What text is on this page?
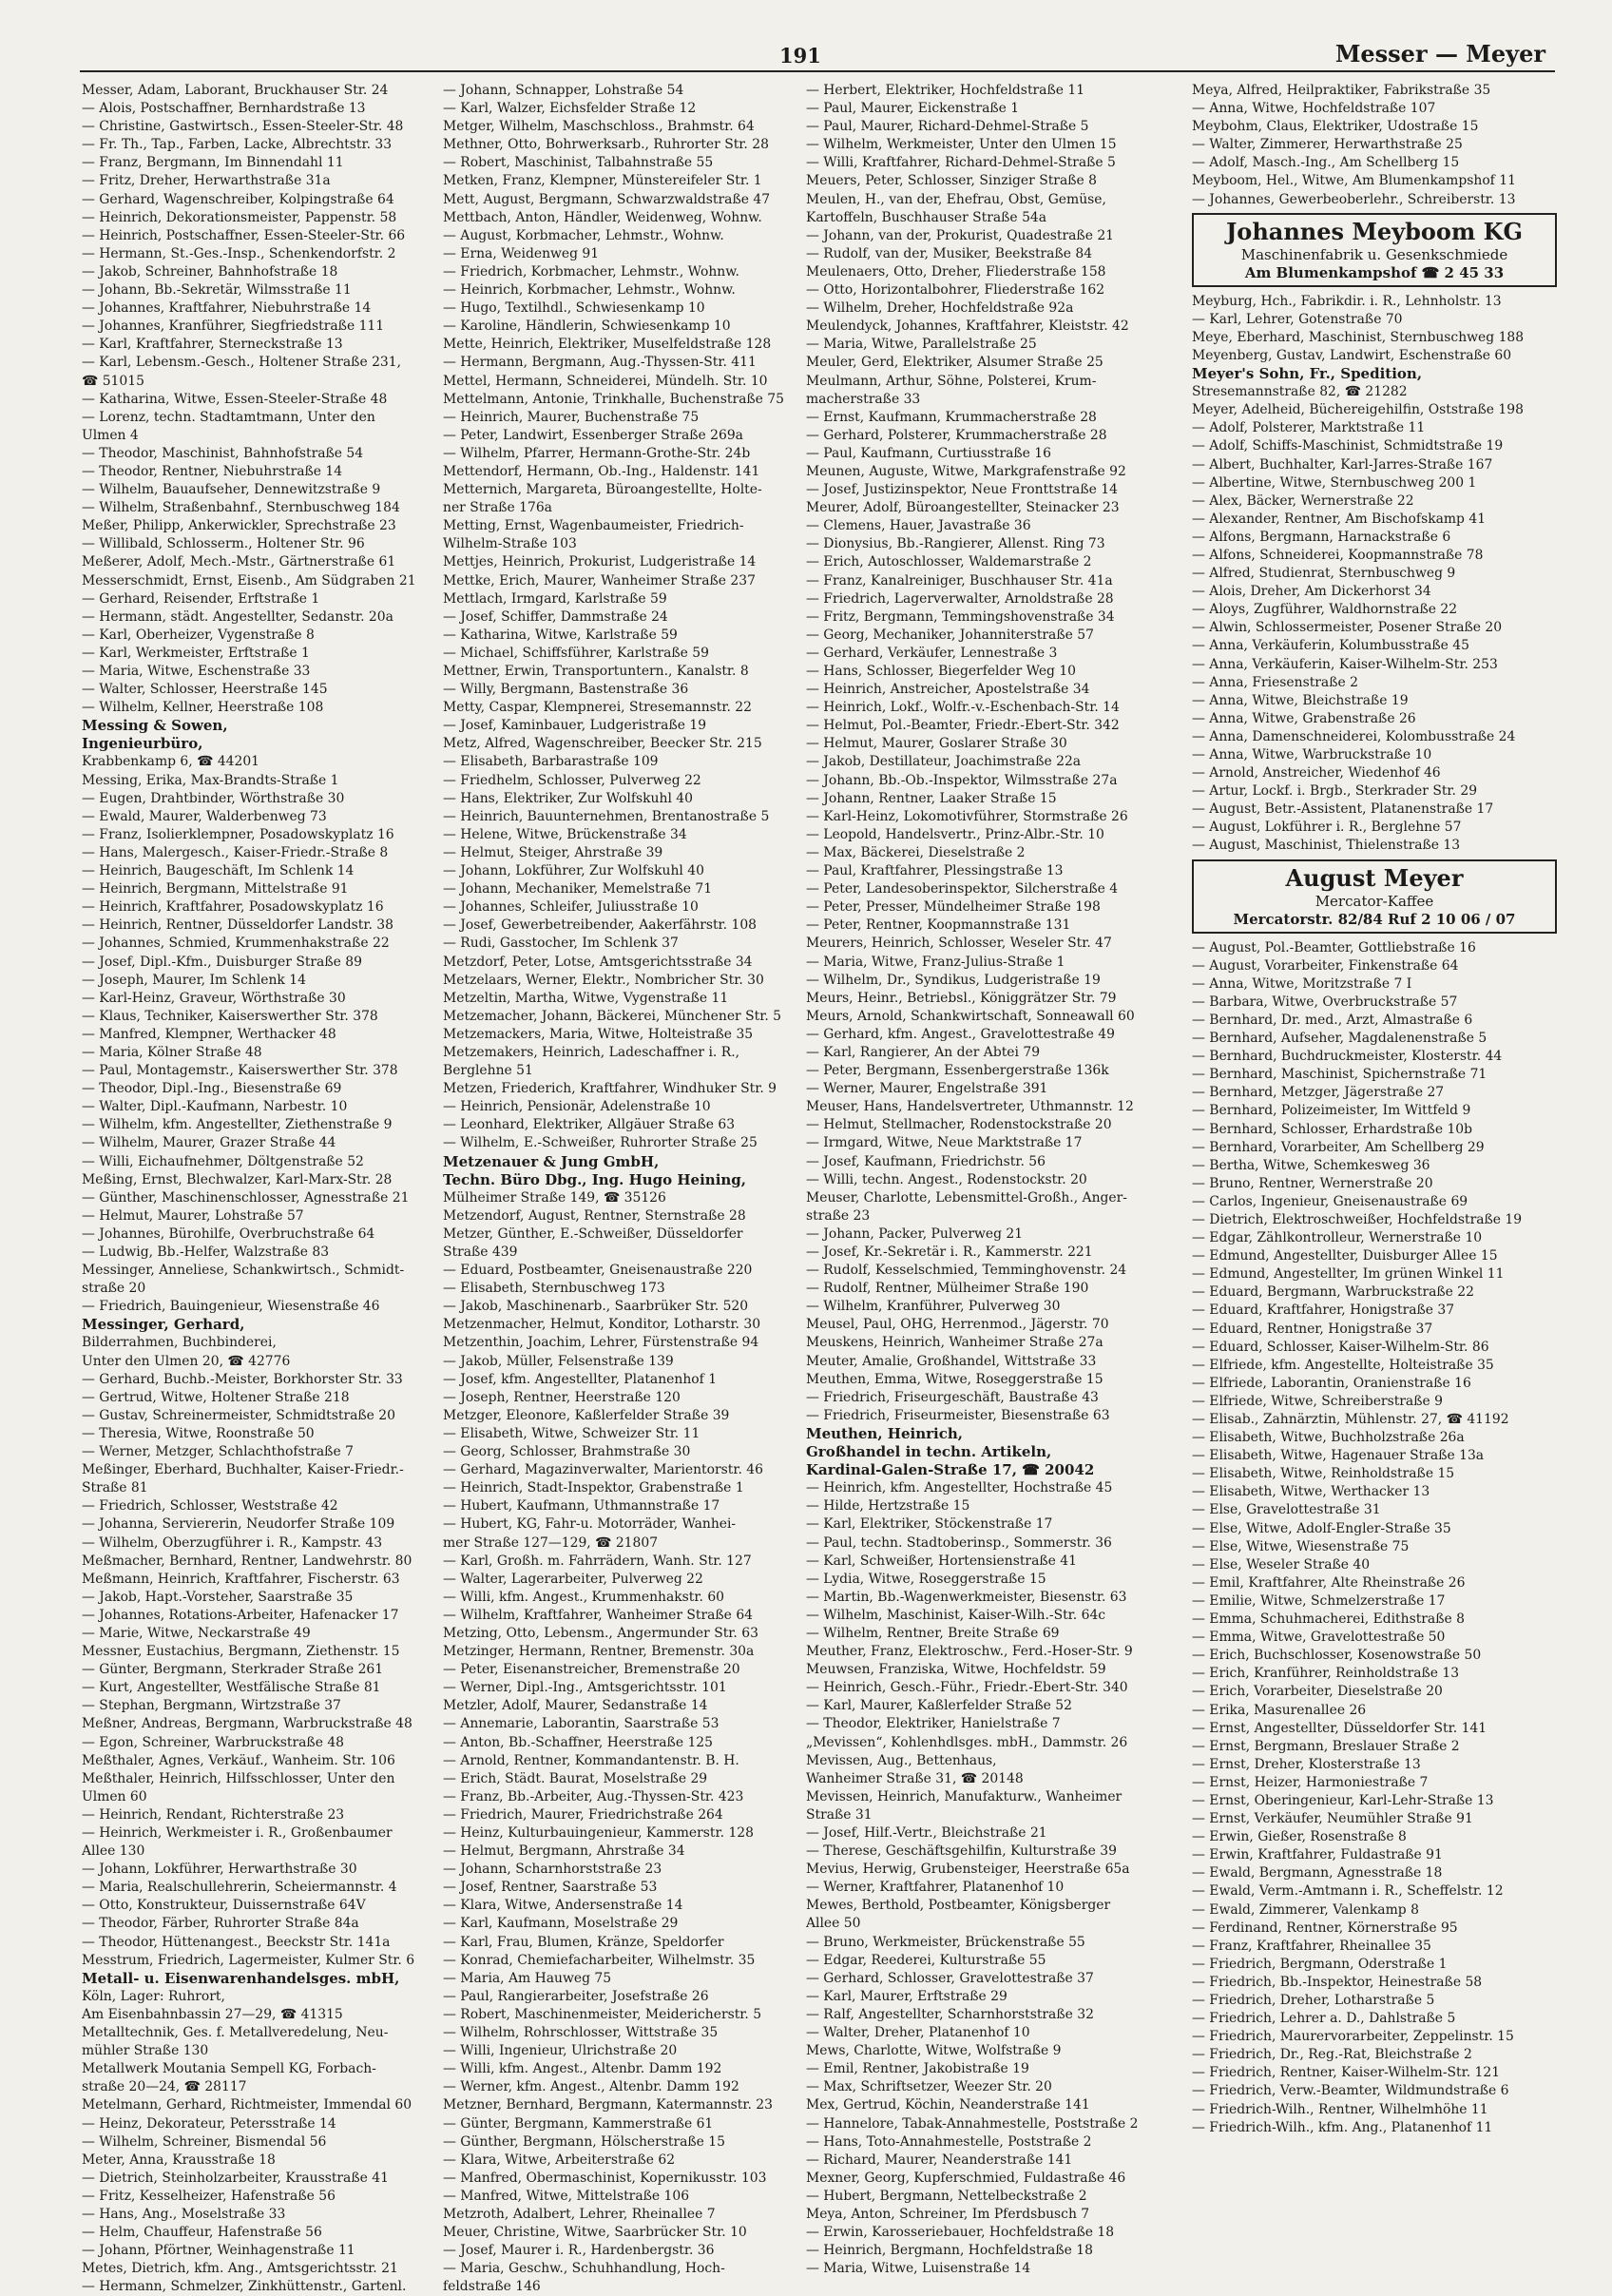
191	Messer — Meyer
Messer, Adam, Laborant, Bruckhauser Str. 24
— Alois, Postschaffner, Bernhardstraße 13
— Christine, Gastwirtsch., Essen-Steeler-Str. 48
— Fr. Th., Tap., Farben, Lacke, Albrechtstr. 33
— Franz, Bergmann, Im Binnendahl 11
— Fritz, Dreher, Herwarthstraße 31a
— Gerhard, Wagenschreiber, Kolpingstraße 64
— Heinrich, Dekorationsmeister, Pappenstr. 58
— Heinrich, Postschaffner, Essen-Steeler-Str. 66
— Hermann, St.-Ges.-Insp., Schenkendorfstr. 2
— Jakob, Schreiner, Bahnhofstraße 18
— Johann, Bb.-Sekretär, Wilmsstraße 11
— Johannes, Kraftfahrer, Niebuhrstraße 14
— Johannes, Kranführer, Siegfriedstraße 111
— Karl, Kraftfahrer, Sterneckstraße 13
— Karl, Lebensm.-Gesch., Holtener Straße 231,
☎ 51015
— Katharina, Witwe, Essen-Steeler-Straße 48
— Lorenz, techn. Stadtamtmann, Unter den
Ulmen 4
— Theodor, Maschinist, Bahnhofstraße 54
— Theodor, Rentner, Niebuhrstraße 14
— Wilhelm, Bauaufseher, Dennewitzstraße 9
— Wilhelm, Straßenbahnf., Sternbuschweg 184
Meßer, Philipp, Ankerwickler, Sprechstraße 23
— Willibald, Schlosserm., Holtener Str. 96
Meßerer, Adolf, Mech.-Mstr., Gärtnerstraße 61
Messerschmidt, Ernst, Eisenb., Am Südgraben 21
— Gerhard, Reisender, Erftstraße 1
— Hermann, städt. Angestellter, Sedanstr. 20a
— Karl, Oberheizer, Vygenstraße 8
— Karl, Werkmeister, Erftstraße 1
— Maria, Witwe, Eschenstraße 33
— Walter, Schlosser, Heerstraße 145
— Wilhelm, Kellner, Heerstraße 108
Messing & Sowen,
Ingenieurbüro,
Krabbenkamp 6, ☎ 44201
Messing, Erika, Max-Brandts-Straße 1
— Eugen, Drahtbinder, Wörthstraße 30
— Ewald, Maurer, Walderbenweg 73
— Franz, Isolierklempner, Posadowskyplatz 16
— Hans, Malergesch., Kaiser-Friedr.-Straße 8
— Heinrich, Baugeschäft, Im Schlenk 14
— Heinrich, Bergmann, Mittelstraße 91
— Heinrich, Kraftfahrer, Posadowskyplatz 16
— Heinrich, Rentner, Düsseldorfer Landstr. 38
— Johannes, Schmied, Krummenhakstraße 22
— Josef, Dipl.-Kfm., Duisburger Straße 89
— Joseph, Maurer, Im Schlenk 14
— Karl-Heinz, Graveur, Wörthstraße 30
— Klaus, Techniker, Kaiserswerther Str. 378
— Manfred, Klempner, Werthacker 48
— Maria, Kölner Straße 48
— Paul, Montagemstr., Kaiserswerther Str. 378
— Theodor, Dipl.-Ing., Biesenstraße 69
— Walter, Dipl.-Kaufmann, Narbestr. 10
— Wilhelm, kfm. Angestellter, Ziethenstraße 9
— Wilhelm, Maurer, Grazer Straße 44
— Willi, Eichaufnehmer, Döltgenstraße 52
Meßing, Ernst, Blechwalzer, Karl-Marx-Str. 28
— Günther, Maschinenschlosser, Agnesstraße 21
— Helmut, Maurer, Lohstraße 57
— Johannes, Bürohilfe, Overbruchstraße 64
— Ludwig, Bb.-Helfer, Walzstraße 83
Messinger, Anneliese, Schankwirtsch., Schmidt-
straße 20
— Friedrich, Bauingenieur, Wiesenstraße 46
Messinger, Gerhard,
Bilderrahmen, Buchbinderei,
Unter den Ulmen 20, ☎ 42776
— Gerhard, Buchb.-Meister, Borkhorster Str. 33
— Gertrud, Witwe, Holtener Straße 218
— Gustav, Schreinermeister, Schmidtstraße 20
— Theresia, Witwe, Roonstraße 50
— Werner, Metzger, Schlachthofstraße 7
Meßinger, Eberhard, Buchhalter, Kaiser-Friedr.-
Straße 81
— Friedrich, Schlosser, Weststraße 42
— Johanna, Serviererin, Neudorfer Straße 109
— Wilhelm, Oberzugführer i. R., Kampstr. 43
Meßmacher, Bernhard, Rentner, Landwehrstr. 80
Meßmann, Heinrich, Kraftfahrer, Fischerstr. 63
— Jakob, Hapt.-Vorsteher, Saarstraße 35
— Johannes, Rotations-Arbeiter, Hafenacker 17
— Marie, Witwe, Neckarstraße 49
Messner, Eustachius, Bergmann, Ziethenstr. 15
— Günter, Bergmann, Sterkrader Straße 261
— Kurt, Angestellter, Westfälische Straße 81
— Stephan, Bergmann, Wirtzstraße 37
Meßner, Andreas, Bergmann, Warbruckstraße 48
— Egon, Schreiner, Warbruckstraße 48
Meßthaler, Agnes, Verkäuf., Wanheim. Str. 106
Meßthaler, Heinrich, Hilfsschlosser, Unter den
Ulmen 60
— Heinrich, Rendant, Richterstraße 23
— Heinrich, Werkmeister i. R., Großenbaumer
Allee 130
— Johann, Lokführer, Herwarthstraße 30
— Maria, Realschullehrerin, Scheiermannstr. 4
— Otto, Konstrukteur, Duissernstraße 64V
— Theodor, Färber, Ruhrorter Straße 84a
— Theodor, Hüttenangest., Beeckstr Str. 141a
Messtrum, Friedrich, Lagermeister, Kulmer Str. 6
Metall- u. Eisenwarenhandelsges. mbH,
Köln, Lager: Ruhrort,
Am Eisenbahnbassin 27—29, ☎ 41315
Metalltechnik, Ges. f. Metallveredelung, Neu-
mühler Straße 130
Metallwerk Moutania Sempell KG, Forbach-
straße 20—24, ☎ 28117
Metelmann, Gerhard, Richtmeister, Immendal 60
— Heinz, Dekorateur, Petersstraße 14
— Wilhelm, Schreiner, Bismendal 56
Meter, Anna, Krausstraße 18
— Dietrich, Steinholzarbeiter, Krausstraße 41
— Fritz, Kesselheizer, Hafenstraße 56
— Hans, Ang., Moselstraße 33
— Helm, Chauffeur, Hafenstraße 56
— Johann, Pförtner, Weinhagenstraße 11
Metes, Dietrich, kfm. Ang., Amtsgerichtsstr. 21
— Hermann, Schmelzer, Zinkhüttenstr., Gartenl.
— Johann, Schnapper, Lohstraße 54
— Karl, Walzer, Eichsfelder Straße 12
Metger, Wilhelm, Maschschloss., Brahmstr. 64
Methner, Otto, Bohrwerksarb., Ruhrorter Str. 28
— Robert, Maschinist, Talbahnstraße 55
Metken, Franz, Klempner, Münstereifeler Str. 1
Mett, August, Bergmann, Schwarzwaldstraße 47
Mettbach, Anton, Händler, Weidenweg, Wohnw.
— August, Korbmacher, Lehmstr., Wohnw.
— Erna, Weidenweg 91
— Friedrich, Korbmacher, Lehmstr., Wohnw.
— Heinrich, Korbmacher, Lehmstr., Wohnw.
— Hugo, Textilhdl., Schwiesenkamp 10
— Karoline, Händlerin, Schwiesenkamp 10
Mette, Heinrich, Elektriker, Muselfeldstraße 128
— Hermann, Bergmann, Aug.-Thyssen-Str. 411
Mettel, Hermann, Schneiderei, Mündelh. Str. 10
Mettelmann, Antonie, Trinkhalle, Buchenstraße 75
— Heinrich, Maurer, Buchenstraße 75
— Peter, Landwirt, Essenberger Straße 269a
— Wilhelm, Pfarrer, Hermann-Grothe-Str. 24b
Mettendorf, Hermann, Ob.-Ing., Haldenstr. 141
Metternich, Margareta, Büroangestellte, Holte-
ner Straße 176a
Metting, Ernst, Wagenbaumeister, Friedrich-
Wilhelm-Straße 103
Mettjes, Heinrich, Prokurist, Ludgeristraße 14
Mettke, Erich, Maurer, Wanheimer Straße 237
Mettlach, Irmgard, Karlstraße 59
— Josef, Schiffer, Dammstraße 24
— Katharina, Witwe, Karlstraße 59
— Michael, Schiffsführer, Karlstraße 59
Mettner, Erwin, Transportuntern., Kanalstr. 8
— Willy, Bergmann, Bastenstraße 36
Metty, Caspar, Klempnerei, Stresemannstr. 22
— Josef, Kaminbauer, Ludgeristraße 19
Metz, Alfred, Wagenschreiber, Beecker Str. 215
— Elisabeth, Barbarastraße 109
— Friedhelm, Schlosser, Pulverweg 22
— Hans, Elektriker, Zur Wolfskuhl 40
— Heinrich, Bauunternehmen, Brentanostraße 5
— Helene, Witwe, Brückenstraße 34
— Helmut, Steiger, Ahrstraße 39
— Johann, Lokführer, Zur Wolfskuhl 40
— Johann, Mechaniker, Memelstraße 71
— Johannes, Schleifer, Juliusstraße 10
— Josef, Gewerbetreibender, Aakerfährstr. 108
— Rudi, Gasstocher, Im Schlenk 37
Metzdorf, Peter, Lotse, Amtsgerichtsstraße 34
Metzelaars, Werner, Elektr., Nombricher Str. 30
Metzeltin, Martha, Witwe, Vygenstraße 11
Metzemacher, Johann, Bäckerei, Münchener Str. 5
Metzemackers, Maria, Witwe, Holteistraße 35
Metzemakers, Heinrich, Ladeschaffner i. R.,
Berglehne 51
Metzen, Friederich, Kraftfahrer, Windhuker Str. 9
— Heinrich, Pensionär, Adelenstraße 10
— Leonhard, Elektriker, Allgäuer Straße 63
— Wilhelm, E.-Schweißer, Ruhrorter Straße 25
Metzenauer & Jung GmbH,
Techn. Büro Dbg., Ing. Hugo Heining,
Mülheimer Straße 149, ☎ 35126
Metzendorf, August, Rentner, Sternstraße 28
Metzer, Günther, E.-Schweißer, Düsseldorfer
Straße 439
— Eduard, Postbeamter, Gneisenaustraße 220
— Elisabeth, Sternbuschweg 173
— Jakob, Maschinenarb., Saarbrüker Str. 520
Metzenmacher, Helmut, Konditor, Lotharstr. 30
Metzenthin, Joachim, Lehrer, Fürstenstraße 94
— Jakob, Müller, Felsenstraße 139
— Josef, kfm. Angestellter, Platanenhof 1
— Joseph, Rentner, Heerstraße 120
Metzger, Eleonore, Kaßlerfelder Straße 39
— Elisabeth, Witwe, Schweizer Str. 11
— Georg, Schlosser, Brahmstraße 30
— Gerhard, Magazinverwalter, Marientorstr. 46
— Heinrich, Stadt-Inspektor, Grabenstraße 1
— Hubert, Kaufmann, Uthmannstraße 17
— Hubert, KG, Fahr-u. Motorräder, Wanhei-
mer Straße 127—129, ☎ 21807
— Karl, Großh. m. Fahrrädern, Wanh. Str. 127
— Walter, Lagerarbeiter, Pulverweg 22
— Willi, kfm. Angest., Krummenhakstr. 60
— Wilhelm, Kraftfahrer, Wanheimer Straße 64
Metzing, Otto, Lebensm., Angermunder Str. 63
Metzinger, Hermann, Rentner, Bremenstr. 30a
— Peter, Eisenanstreicher, Bremenstraße 20
— Werner, Dipl.-Ing., Amtsgerichtsstr. 101
Metzler, Adolf, Maurer, Sedanstraße 14
— Annemarie, Laborantin, Saarstraße 53
— Anton, Bb.-Schaffner, Heerstraße 125
— Arnold, Rentner, Kommandantenstr. B. H.
— Erich, Städt. Baurat, Moselstraße 29
— Franz, Bb.-Arbeiter, Aug.-Thyssen-Str. 423
— Friedrich, Maurer, Friedrichstraße 264
— Heinz, Kulturbauingenieur, Kammerstr. 128
— Helmut, Bergmann, Ahrstraße 34
— Johann, Scharnhorststraße 23
— Josef, Rentner, Saarstraße 53
— Klara, Witwe, Andersenstraße 14
— Karl, Kaufmann, Moselstraße 29
— Karl, Frau, Blumen, Kränze, Speldorfer
— Konrad, Chemiefacharbeiter, Wilhelmstr. 35
— Maria, Am Hauweg 75
— Paul, Rangierarbeiter, Josefstraße 26
— Robert, Maschinenmeister, Meidericherstr. 5
— Wilhelm, Rohrschlosser, Wittstraße 35
— Willi, Ingenieur, Ulrichstraße 20
— Willi, kfm. Angest., Altenbr. Damm 192
— Werner, kfm. Angest., Altenbr. Damm 192
Metzner, Bernhard, Bergmann, Katermannstr. 23
— Günter, Bergmann, Kammerstraße 61
— Günther, Bergmann, Hölscherstraße 15
— Klara, Witwe, Arbeiterstraße 62
— Manfred, Obermaschinist, Kopernikusstr. 103
— Manfred, Witwe, Mittelstraße 106
Metzroth, Adalbert, Lehrer, Rheinallee 7
Meuer, Christine, Witwe, Saarbrücker Str. 10
— Josef, Maurer i. R., Hardenbergstr. 36
— Maria, Geschw., Schuhhandlung, Hoch-
feldstraße 146
— Herbert, Elektriker, Hochfeldstraße 11
— Paul, Maurer, Eickenstraße 1
— Paul, Maurer, Richard-Dehmel-Straße 5
— Wilhelm, Werkmeister, Unter den Ulmen 15
— Willi, Kraftfahrer, Richard-Dehmel-Straße 5
Meuers, Peter, Schlosser, Sinziger Straße 8
Meulen, H., van der, Ehefrau, Obst, Gemüse,
Kartoffeln, Buschhauser Straße 54a
— Johann, van der, Prokurist, Quadestraße 21
— Rudolf, van der, Musiker, Beekstraße 84
Meulenaers, Otto, Dreher, Fliederstraße 158
— Otto, Horizontalbohrer, Fliederstraße 162
— Wilhelm, Dreher, Hochfeldstraße 92a
Meulendyck, Johannes, Kraftfahrer, Kleiststr. 42
— Maria, Witwe, Parallelstraße 25
Meuler, Gerd, Elektriker, Alsumer Straße 25
Meulmann, Arthur, Söhne, Polsterei, Krum-
macherstraße 33
— Ernst, Kaufmann, Krummacherstraße 28
— Gerhard, Polsterer, Krummacherstraße 28
— Paul, Kaufmann, Curtiusstraße 16
Meunen, Auguste, Witwe, Markgrafenstraße 92
— Josef, Justizinspektor, Neue Fronttstraße 14
Meurer, Adolf, Büroangestellter, Steinacker 23
— Clemens, Hauer, Javastraße 36
— Dionysius, Bb.-Rangierer, Allenst. Ring 73
— Erich, Autoschlosser, Waldemarstraße 2
— Franz, Kanalreiniger, Buschhauser Str. 41a
— Friedrich, Lagerverwalter, Arnoldstraße 28
— Fritz, Bergmann, Temmingshovenstraße 34
— Georg, Mechaniker, Johanniterstraße 57
— Gerhard, Verkäufer, Lennestraße 3
— Hans, Schlosser, Biegerfelder Weg 10
— Heinrich, Anstreicher, Apostelstraße 34
— Heinrich, Lokf., Wolfr.-v.-Eschenbach-Str. 14
— Helmut, Pol.-Beamter, Friedr.-Ebert-Str. 342
— Helmut, Maurer, Goslarer Straße 30
— Jakob, Destillateur, Joachimstraße 22a
— Johann, Bb.-Ob.-Inspektor, Wilmsstraße 27a
— Johann, Rentner, Laaker Straße 15
— Karl-Heinz, Lokomotivführer, Stormstraße 26
— Leopold, Handelsvertr., Prinz-Albr.-Str. 10
— Max, Bäckerei, Dieselstraße 2
— Paul, Kraftfahrer, Plessingstraße 13
— Peter, Landesoberinspektor, Silcherstraße 4
— Peter, Presser, Mündelheimer Straße 198
— Peter, Rentner, Koopmannstraße 131
Meurers, Heinrich, Schlosser, Weseler Str. 47
— Maria, Witwe, Franz-Julius-Straße 1
— Wilhelm, Dr., Syndikus, Ludgeristraße 19
Meurs, Heinr., Betriebsl., Königgrätzer Str. 79
Meurs, Arnold, Schankwirtschaft, Sonneawall 60
— Gerhard, kfm. Angest., Gravelottestraße 49
— Karl, Rangierer, An der Abtei 79
— Peter, Bergmann, Essenbergerstraße 136k
— Werner, Maurer, Engelstraße 391
Meuser, Hans, Handelsvertreter, Uthmannstr. 12
— Helmut, Stellmacher, Rodenstockstraße 20
— Irmgard, Witwe, Neue Marktstraße 17
— Josef, Kaufmann, Friedrichstr. 56
— Willi, techn. Angest., Rodenstockstr. 20
Meuser, Charlotte, Lebensmittel-Großh., Anger-
straße 23
— Johann, Packer, Pulverweg 21
— Josef, Kr.-Sekretär i. R., Kammerstr. 221
— Rudolf, Kesselschmied, Temminghovenstr. 24
— Rudolf, Rentner, Mülheimer Straße 190
— Wilhelm, Kranführer, Pulverweg 30
Meusel, Paul, OHG, Herrenmod., Jägerstr. 70
Meuskens, Heinrich, Wanheimer Straße 27a
Meuter, Amalie, Großhandel, Wittstraße 33
Meuthen, Emma, Witwe, Roseggerstraße 15
— Friedrich, Friseurgeschäft, Baustraße 43
— Friedrich, Friseurmeister, Biesenstraße 63
Meuthen, Heinrich,
Großhandel in techn. Artikeln,
Kardinal-Galen-Straße 17, ☎ 20042
— Heinrich, kfm. Angestellter, Hochstraße 45
— Hilde, Hertzstraße 15
— Karl, Elektriker, Stöckenstraße 17
— Paul, techn. Stadtoberinsp., Sommerstr. 36
— Karl, Schweißer, Hortensienstraße 41
— Lydia, Witwe, Roseggerstraße 15
— Martin, Bb.-Wagenwerkmeister, Biesenstr. 63
— Wilhelm, Maschinist, Kaiser-Wilh.-Str. 64c
— Wilhelm, Rentner, Breite Straße 69
Meuther, Franz, Elektroschw., Ferd.-Hoser-Str. 9
Meuwsen, Franziska, Witwe, Hochfeldstr. 59
— Heinrich, Gesch.-Führ., Friedr.-Ebert-Str. 340
— Karl, Maurer, Kaßlerfelder Straße 52
— Theodor, Elektriker, Hanielstraße 7
„Mevissen“, Kohlenhdlsges. mbH., Dammstr. 26
Mevissen, Aug., Bettenhaus,
Wanheimer Straße 31, ☎ 20148
Mevissen, Heinrich, Manufakturw., Wanheimer
Straße 31
— Josef, Hilf.-Vertr., Bleichstraße 21
— Therese, Geschäftsgehilfin, Kulturstraße 39
Mevius, Herwig, Grubensteiger, Heerstraße 65a
— Werner, Kraftfahrer, Platanenhof 10
Mewes, Berthold, Postbeamter, Königsberger
Allee 50
— Bruno, Werkmeister, Brückenstraße 55
— Edgar, Reederei, Kulturstraße 55
— Gerhard, Schlosser, Gravelottestraße 37
— Karl, Maurer, Erftstraße 29
— Ralf, Angestellter, Scharnhorststraße 32
— Walter, Dreher, Platanenhof 10
Mews, Charlotte, Witwe, Wolfstraße 9
— Emil, Rentner, Jakobistraße 19
— Max, Schriftsetzer, Weezer Str. 20
Mex, Gertrud, Köchin, Neanderstraße 141
— Hannelore, Tabak-Annahmestelle, Poststraße 2
— Hans, Toto-Annahmestelle, Poststraße 2
— Richard, Maurer, Neanderstraße 141
Mexner, Georg, Kupferschmied, Fuldastraße 46
— Hubert, Bergmann, Nettelbeckstraße 2
Meya, Anton, Schreiner, Im Pferdsbusch 7
— Erwin, Karosseriebauer, Hochfeldstraße 18
— Heinrich, Bergmann, Hochfeldstraße 18
— Maria, Witwe, Luisenstraße 14
Meya, Alfred, Heilpraktiker, Fabrikstraße 35
— Anna, Witwe, Hochfeldstraße 107
Meybohm, Claus, Elektriker, Udostraße 15
— Walter, Zimmerer, Herwarthstraße 25
— Adolf, Masch.-Ing., Am Schellberg 15
Meyboom, Hel., Witwe, Am Blumenkampshof 11
— Johannes, Gewerbeoberlehr., Schreiberstr. 13
Johannes Meyboom KG
Maschinenfabrik u. Gesenkschmiede
Am Blumenkampshof ☎ 2 45 33
Meyburg, Hch., Fabrikdir. i. R., Lehnholstr. 13
— Karl, Lehrer, Gotenstraße 70
Meye, Eberhard, Maschinist, Sternbuschweg 188
Meyenberg, Gustav, Landwirt, Eschenstraße 60
Meyer's Sohn, Fr., Spedition,
Stresemannstraße 82, ☎ 21282
Meyer, Adelheid, Büchereigehilfin, Oststraße 198
— Adolf, Polsterer, Marktstraße 11
— Adolf, Schiffs-Maschinist, Schmidtstraße 19
— Albert, Buchhalter, Karl-Jarres-Straße 167
— Albertine, Witwe, Sternbuschweg 200 1
— Alex, Bäcker, Wernerstraße 22
— Alexander, Rentner, Am Bischofskamp 41
— Alfons, Bergmann, Harnackstraße 6
— Alfons, Schneiderei, Koopmannstraße 78
— Alfred, Studienrat, Sternbuschweg 9
— Alois, Dreher, Am Dickerhorst 34
— Aloys, Zugführer, Waldhornstraße 22
— Alwin, Schlossermeister, Posener Straße 20
— Anna, Verkäuferin, Kolumbusstraße 45
— Anna, Verkäuferin, Kaiser-Wilhelm-Str. 253
— Anna, Friesenstraße 2
— Anna, Witwe, Bleichstraße 19
— Anna, Witwe, Grabenstraße 26
— Anna, Damenschneiderei, Kolombusstraße 24
— Anna, Witwe, Warbruckstraße 10
— Arnold, Anstreicher, Wiedenhof 46
— Artur, Lockf. i. Brgb., Sterkrader Str. 29
— August, Betr.-Assistent, Platanenstraße 17
— August, Lokführer i. R., Berglehne 57
— August, Maschinist, Thielenstraße 13
August Meyer
Mercator-Kaffee
Mercatorstr. 82/84 Ruf 2 10 06 / 07
— August, Pol.-Beamter, Gottliebstraße 16
— August, Vorarbeiter, Finkenstraße 64
— Anna, Witwe, Moritzstraße 7 I
— Barbara, Witwe, Overbruckstraße 57
— Bernhard, Dr. med., Arzt, Almastraße 6
— Bernhard, Aufseher, Magdalenenstraße 5
— Bernhard, Buchdruckmeister, Klosterstr. 44
— Bernhard, Maschinist, Spichernstraße 71
— Bernhard, Metzger, Jägerstraße 27
— Bernhard, Polizeimeister, Im Wittfeld 9
— Bernhard, Schlosser, Erhardstraße 10b
— Bernhard, Vorarbeiter, Am Schellberg 29
— Bertha, Witwe, Schemkesweg 36
— Bruno, Rentner, Wernerstraße 20
— Carlos, Ingenieur, Gneisenaustraße 69
— Dietrich, Elektroschweißer, Hochfeldstraße 19
— Edgar, Zählkontrolleur, Wernerstraße 10
— Edmund, Angestellter, Duisburger Allee 15
— Edmund, Angestellter, Im grünen Winkel 11
— Eduard, Bergmann, Warbruckstraße 22
— Eduard, Kraftfahrer, Honigstraße 37
— Eduard, Rentner, Honigstraße 37
— Eduard, Schlosser, Kaiser-Wilhelm-Str. 86
— Elfriede, kfm. Angestellte, Holteistraße 35
— Elfriede, Laborantin, Oranienstraße 16
— Elfriede, Witwe, Schreiberstraße 9
— Elisab., Zahnärztin, Mühlenstr. 27, ☎ 41192
— Elisabeth, Witwe, Buchholzstraße 26a
— Elisabeth, Witwe, Hagenauer Straße 13a
— Elisabeth, Witwe, Reinholdstraße 15
— Elisabeth, Witwe, Werthacker 13
— Else, Gravelottestraße 31
— Else, Witwe, Adolf-Engler-Straße 35
— Else, Witwe, Wiesenstraße 75
— Else, Weseler Straße 40
— Emil, Kraftfahrer, Alte Rheinstraße 26
— Emilie, Witwe, Schmelzerstraße 17
— Emma, Schuhmacherei, Edithstraße 8
— Emma, Witwe, Gravelottestraße 50
— Erich, Buchschlosser, Kosenowstraße 50
— Erich, Kranführer, Reinholdstraße 13
— Erich, Vorarbeiter, Dieselstraße 20
— Erika, Masurenallee 26
— Ernst, Angestellter, Düsseldorfer Str. 141
— Ernst, Bergmann, Breslauer Straße 2
— Ernst, Dreher, Klosterstraße 13
— Ernst, Heizer, Harmoniestraße 7
— Ernst, Oberingenieur, Karl-Lehr-Straße 13
— Ernst, Verkäufer, Neumühler Straße 91
— Erwin, Gießer, Rosenstraße 8
— Erwin, Kraftfahrer, Fuldastraße 91
— Ewald, Bergmann, Agnesstraße 18
— Ewald, Verm.-Amtmann i. R., Scheffelstr. 12
— Ewald, Zimmerer, Valenkamp 8
— Ferdinand, Rentner, Körnerstraße 95
— Franz, Kraftfahrer, Rheinallee 35
— Friedrich, Bergmann, Oderstraße 1
— Friedrich, Bb.-Inspektor, Heinestraße 58
— Friedrich, Dreher, Lotharstraße 5
— Friedrich, Lehrer a. D., Dahlstraße 5
— Friedrich, Maurervorarbeiter, Zeppelinstr. 15
— Friedrich, Dr., Reg.-Rat, Bleichstraße 2
— Friedrich, Rentner, Kaiser-Wilhelm-Str. 121
— Friedrich, Verw.-Beamter, Wildmundstraße 6
— Friedrich-Wilh., Rentner, Wilhelmhöhe 11
— Friedrich-Wilh., kfm. Ang., Platanenhof 11
